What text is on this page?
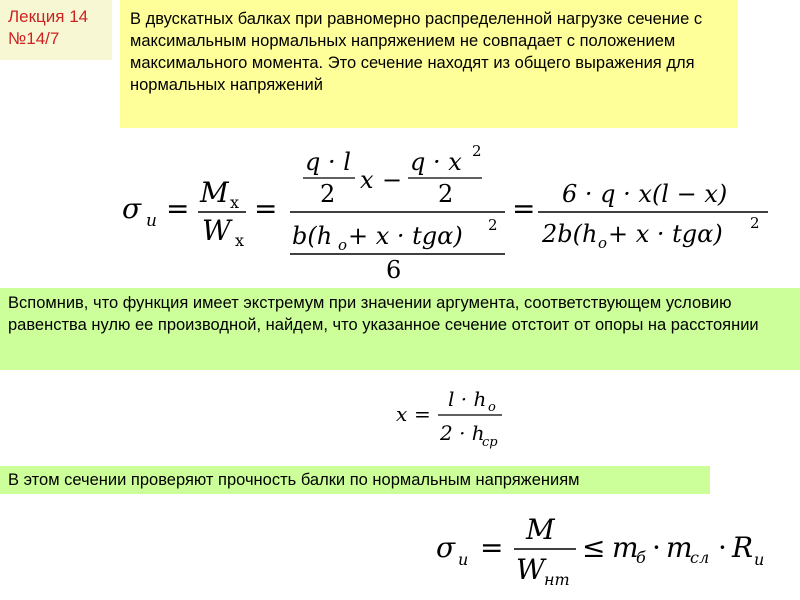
Лекция 14
№14/7
В двускатных балках при равномерно распределенной нагрузке сечение с максимальным нормальных напряжением не совпадает с положением максимального момента. Это сечение находят из общего выражения для нормальных напряжений
σ и = M x
W x
=
q · l
2 x −
q · x 2
2
b(h o + x · tgα) 2
6
= 6 · q · x(l − x)
2b(h o + x · tgα) 2
Вспомнив, что функция имеет экстремум при значении аргумента, соответствующем условию равенства нулю ее производной, найдем, что указанное сечение отстоит от опоры на расстоянии
x =
l · h o
2 · h
ср
В этом сечении проверяют прочность балки по нормальным напряжениям
σ и =
M
W нт
≤ m
б · m
сл · R и
